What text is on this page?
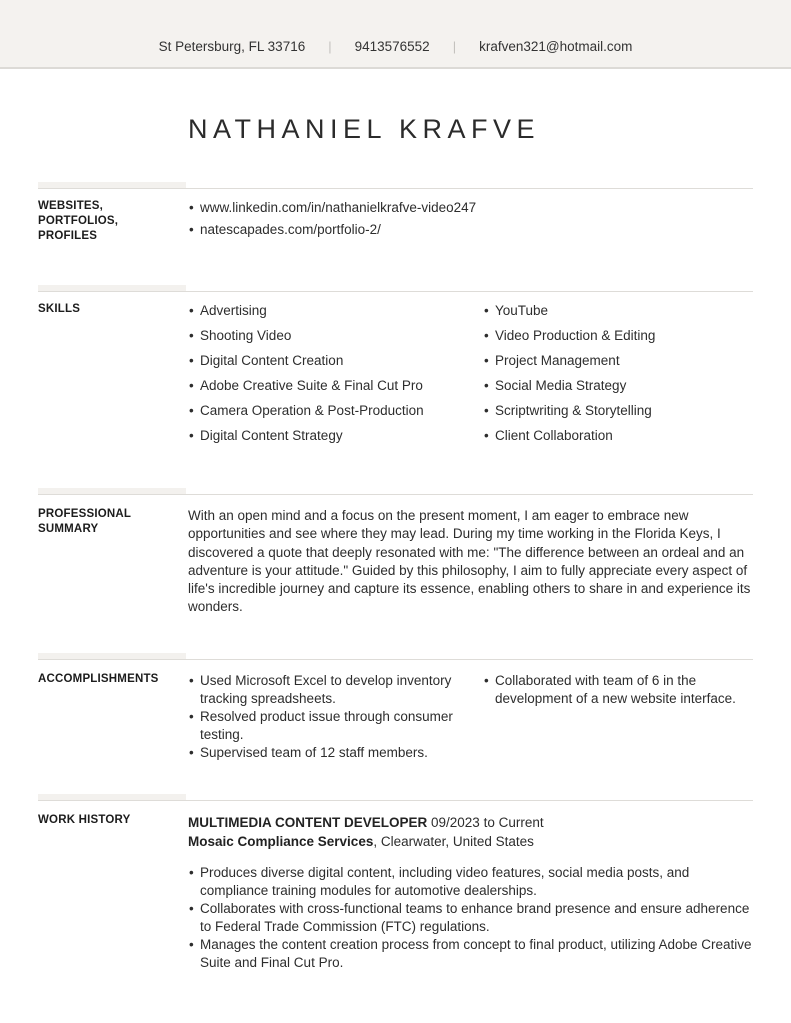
St Petersburg, FL 33716 | 9413576552 | krafven321@hotmail.com
NATHANIEL KRAFVE
WEBSITES, PORTFOLIOS, PROFILES
• www.linkedin.com/in/nathanielkrafve-video247
• natescapades.com/portfolio-2/
SKILLS	• Advertising
• Shooting Video
• Digital Content Creation
• Adobe Creative Suite & Final Cut Pro
• Camera Operation & Post-Production
• Digital Content Strategy
• YouTube
• Video Production & Editing
• Project Management
• Social Media Strategy
• Scriptwriting & Storytelling
• Client Collaboration
PROFESSIONAL SUMMARY

With an open mind and a focus on the present moment, I am eager to embrace new opportunities and see where they may lead. During my time working in the Florida Keys, I discovered a quote that deeply resonated with me: "The difference between an ordeal and an adventure is your attitude." Guided by this philosophy, I aim to fully appreciate every aspect of life's incredible journey and capture its essence, enabling others to share in and experience its wonders.

ACCOMPLISHMENTS	• Used Microsoft Excel to develop inventory tracking spreadsheets.
• Resolved product issue through consumer testing.
• Supervised team of 12 staff members.
• Collaborated with team of 6 in the development of a new website interface.
WORK HISTORY	MULTIMEDIA CONTENT DEVELOPER 09/2023 to Current
Mosaic Compliance Services, Clearwater, United States
• Produces diverse digital content, including video features, social media posts, and compliance training modules for automotive dealerships.
• Collaborates with cross-functional teams to enhance brand presence and ensure adherence to Federal Trade Commission (FTC) regulations.
• Manages the content creation process from concept to final product, utilizing Adobe Creative Suite and Final Cut Pro.
